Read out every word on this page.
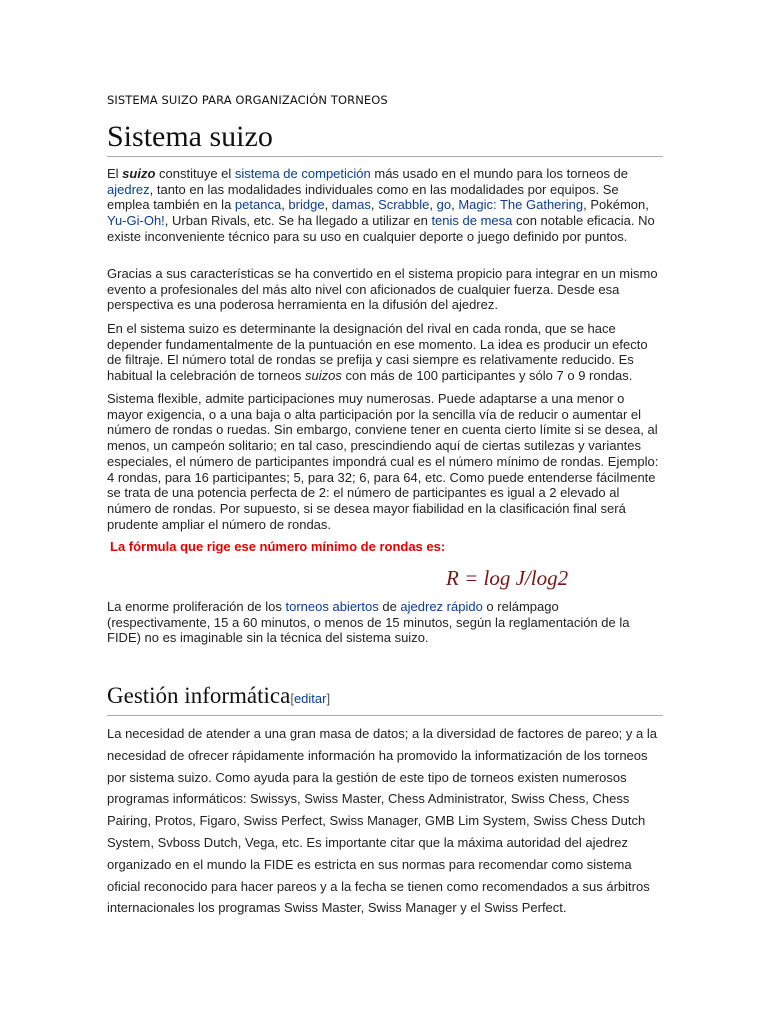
SISTEMA SUIZO PARA ORGANIZACIÓN TORNEOS
Sistema suizo

El suizo constituye el sistema de competición más usado en el mundo para los torneos de ajedrez, tanto en las modalidades individuales como en las modalidades por equipos. Se emplea también en la petanca, bridge, damas, Scrabble, go, Magic: The Gathering, Pokémon, Yu-Gi-Oh!, Urban Rivals, etc. Se ha llegado a utilizar en tenis de mesa con notable eficacia. No existe inconveniente técnico para su uso en cualquier deporte o juego definido por puntos.

Gracias a sus características se ha convertido en el sistema propicio para integrar en un mismo evento a profesionales del más alto nivel con aficionados de cualquier fuerza. Desde esa perspectiva es una poderosa herramienta en la difusión del ajedrez.

En el sistema suizo es determinante la designación del rival en cada ronda, que se hace depender fundamentalmente de la puntuación en ese momento. La idea es producir un efecto de filtraje. El número total de rondas se prefija y casi siempre es relativamente reducido. Es habitual la celebración de torneos suizos con más de 100 participantes y sólo 7 o 9 rondas.

Sistema flexible, admite participaciones muy numerosas. Puede adaptarse a una menor o mayor exigencia, o a una baja o alta participación por la sencilla vía de reducir o aumentar el número de rondas o ruedas. Sin embargo, conviene tener en cuenta cierto límite si se desea, al menos, un campeón solitario; en tal caso, prescindiendo aquí de ciertas sutilezas y variantes especiales, el número de participantes impondrá cual es el número mínimo de rondas. Ejemplo: 4 rondas, para 16 participantes; 5, para 32; 6, para 64, etc. Como puede entenderse fácilmente se trata de una potencia perfecta de 2: el número de participantes es igual a 2 elevado al número de rondas. Por supuesto, si se desea mayor fiabilidad en la clasificación final será prudente ampliar el número de rondas.

La fórmula que rige ese número mínimo de rondas es:
R = log J/log2

La enorme proliferación de los torneos abiertos de ajedrez rápido o relámpago (respectivamente, 15 a 60 minutos, o menos de 15 minutos, según la reglamentación de la FIDE) no es imaginable sin la técnica del sistema suizo.

Gestión informática[editar]

La necesidad de atender a una gran masa de datos; a la diversidad de factores de pareo; y a la necesidad de ofrecer rápidamente información ha promovido la informatización de los torneos por sistema suizo. Como ayuda para la gestión de este tipo de torneos existen numerosos programas informáticos: Swissys, Swiss Master, Chess Administrator, Swiss Chess, Chess Pairing, Protos, Figaro, Swiss Perfect, Swiss Manager, GMB Lim System, Swiss Chess Dutch System, Svboss Dutch, Vega, etc. Es importante citar que la máxima autoridad del ajedrez organizado en el mundo la FIDE es estricta en sus normas para recomendar como sistema oficial reconocido para hacer pareos y a la fecha se tienen como recomendados a sus árbitros internacionales los programas Swiss Master, Swiss Manager y el Swiss Perfect.
